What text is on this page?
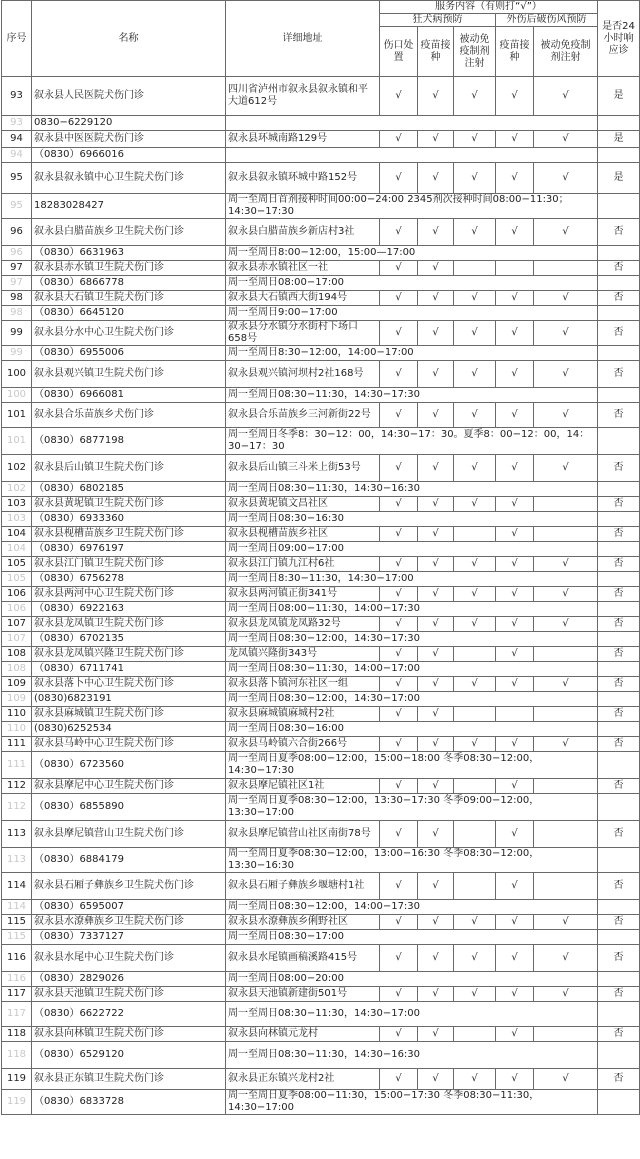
序号	名称	详细地址	服务内容（有则打“√”）					是否24小时响应诊
			狂犬病预防			外伤后破伤风预防		
			伤口处置	疫苗接种	被动免疫制剂注射	疫苗接种	被动免疫制剂注射	
93	叙永县人民医院犬伤门诊	四川省泸州市叙永县叙永镇和平大道612号	√	√	√	√	√	是
93	0830−6229120							
94	叙永县中医医院犬伤门诊	叙永县环城南路129号	√	√	√	√	√	是
94	（0830）6966016							
95	叙永县叙永镇中心卫生院犬伤门诊	叙永县叙永镇环城中路152号	√	√	√	√	√	是
95	18283028427	周一至周日首剂接种时间00:00−24:00 2345剂次接种时间08:00−11:30；14:30−17:30						
96	叙永县白腊苗族乡卫生院犬伤门诊	叙永县白腊苗族乡新店村3社	√	√	√	√	√	否
96	（0830）6631963	周一至周日8:00−12:00，15:00—17:00						
97	叙永县赤水镇卫生院犬伤门诊	叙永县赤水镇社区一社	√	√				否
97	（0830）6866778	周一至周日08:00−17:00						
98	叙永县大石镇卫生院犬伤门诊	叙永县大石镇西大街194号	√	√	√	√	√	否
98	（0830）6645120	周一至周日9:00−17:00						
99	叙永县分水中心卫生院犬伤门诊	叙永县分水镇分水街村下场口658号	√	√	√	√	√	否
99	（0830）6955006	周一至周日8:30−12:00，14:00−17:00						
100	叙永县观兴镇卫生院犬伤门诊	叙永县观兴镇河坝村2社168号	√	√	√	√	√	否
100	（0830）6966081	周一至周日08:30−11:30，14:30−17:30						
101	叙永县合乐苗族乡犬伤门诊	叙永县合乐苗族乡三河新街22号	√	√	√	√	√	否
101	（0830）6877198	周一至周日冬季8：30−12：00，14:30−17：30。夏季8：00−12：00，14：30−17：30						
102	叙永县后山镇卫生院犬伤门诊	叙永县后山镇三斗米上街53号	√	√	√	√	√	否
102	（0830）6802185	周一至周日08:30−11:30，14:30−16:30						
103	叙永县黄坭镇卫生院犬伤门诊	叙永县黄坭镇文昌社区	√	√	√	√		否
103	（0830）6933360	周一至周日08:30−16:30						
104	叙永县枧槽苗族乡卫生院犬伤门诊	叙永县枧槽苗族乡社区	√	√		√		否
104	（0830）6976197	周一至周日09:00−17:00						
105	叙永县江门镇卫生院犬伤门诊	叙永县江门镇九江村6社	√	√	√	√	√	否
105	（0830）6756278	周一至周日8:30−11:30，14:30−17:00						
106	叙永县两河中心卫生院犬伤门诊	叙永县两河镇正街341号	√	√	√	√	√	否
106	（0830）6922163	周一至周日08:00−11:30，14:00−17:30						
107	叙永县龙凤镇卫生院犬伤门诊	叙永县龙凤镇龙凤路32号	√	√	√	√	√	否
107	（0830）6702135	周一至周日08:30−12:00，14:30−17:30						
108	叙永县龙凤镇兴隆卫生院犬伤门诊	龙凤镇兴隆街343号	√	√		√		否
108	（0830）6711741	周一至周日08:30−11:30，14:00−17:00						
109	叙永县落卜中心卫生院犬伤门诊	叙永县落卜镇河东社区一组	√	√	√	√	√	否
109	(0830)6823191	周一至周日08:30−12:00，14:30−17:00						
110	叙永县麻城镇卫生院犬伤门诊	叙永县麻城镇麻城村2社	√	√				否
110	(0830)6252534	周一至周日08:30−16:00						
111	叙永县马岭中心卫生院犬伤门诊	叙永县马岭镇六合街266号	√	√	√	√	√	否
111	（0830）6723560	周一至周日夏季08:00−12:00，15:00−18:00 冬季08:30−12:00，14:30−17:30						
112	叙永县摩尼中心卫生院犬伤门诊	叙永县摩尼镇社区1社	√	√		√		否
112	（0830）6855890	周一至周日夏季08:30−12:00，13:30−17:30 冬季09:00−12:00，13:30−17:00						
113	叙永县摩尼镇营山卫生院犬伤门诊	叙永县摩尼镇营山社区南街78号	√	√		√		否
113	（0830）6884179	周一至周日夏季08:30−12:00，13:00−16:30 冬季08:30−12:00，13:30−16:30						
114	叙永县石厢子彝族乡卫生院犬伤门诊	叙永县石厢子彝族乡堰塘村1社	√	√		√		否
114	（0830）6595007	周一至周日08:30−12:00，14:00−17:30						
115	叙永县水潦彝族乡卫生院犬伤门诊	叙永县水潦彝族乡俐野社区	√	√	√	√	√	否
115	（0830）7337127	周一至周日08:30−17:00						
116	叙永县水尾中心卫生院犬伤门诊	叙永县水尾镇画稿溪路415号	√	√	√	√	√	否
116	（0830）2829026	周一至周日08:00−20:00						
117	叙永县天池镇卫生院犬伤门诊	叙永县天池镇新建街501号	√	√	√	√	√	否
117	（0830）6622722	周一至周日08:30−11:30，14:30−17:00						
118	叙永县向林镇卫生院犬伤门诊	叙永县向林镇元龙村	√	√		√		否
118	（0830）6529120	周一至周日08:30−11:30，14:30−16:30						
119	叙永县正东镇卫生院犬伤门诊	叙永县正东镇兴龙村2社	√	√	√	√	√	否
119	（0830）6833728	周一至周日夏季08:00−11:30，15:00−17:30 冬季08:30−11:30，14:30−17:00						
